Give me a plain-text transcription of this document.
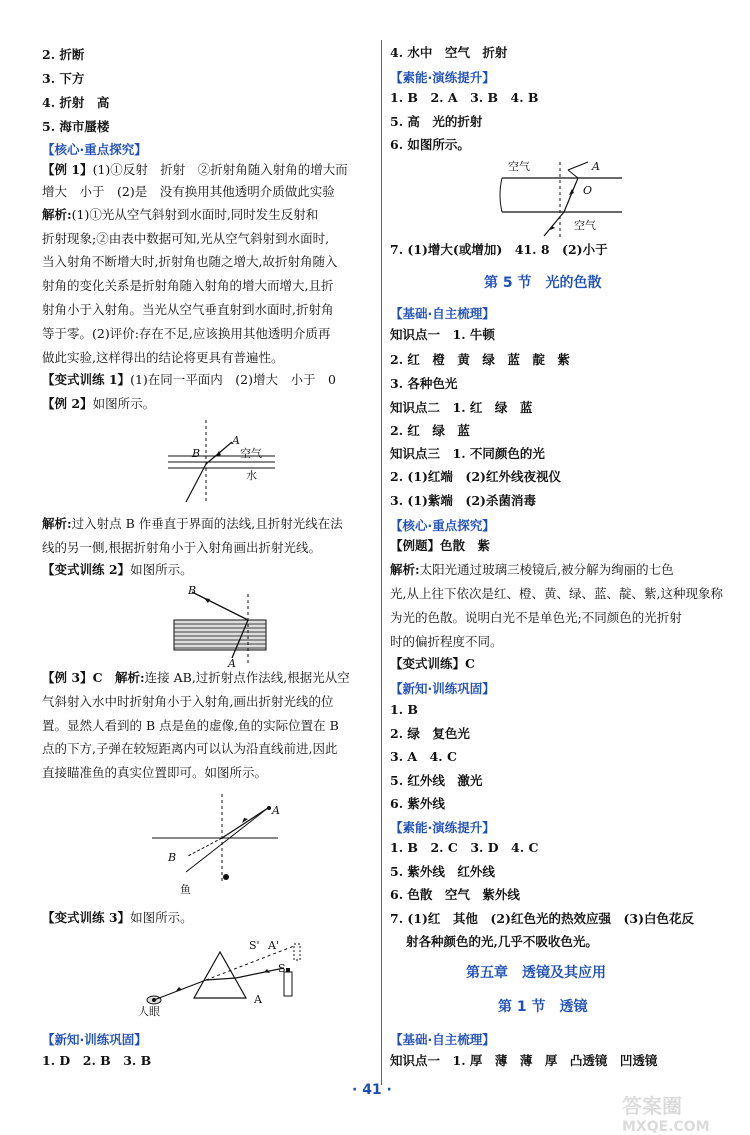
2. 折断
3. 下方
4. 折射　高
5. 海市蜃楼
【核心·重点探究】
【例 1】(1)①反射　折射　②折射角随入射角的增大而
增大　小于　(2)是　没有换用其他透明介质做此实验
解析:(1)①光从空气斜射到水面时,同时发生反射和
折射现象;②由表中数据可知,光从空气斜射到水面时,
当入射角不断增大时,折射角也随之增大,故折射角随入
射角的变化关系是折射角随入射角的增大而增大,且折
射角小于入射角。当光从空气垂直射到水面时,折射角
等于零。(2)评价:存在不足,应该换用其他透明介质再
做此实验,这样得出的结论将更具有普遍性。
【变式训练 1】(1)在同一平面内　(2)增大　小于　0
【例 2】如图所示。
A
B	空气
水
解析:过入射点 B 作垂直于界面的法线,且折射光线在法
线的另一侧,根据折射角小于入射角画出折射光线。
【变式训练 2】如图所示。
B
A
【例 3】C　解析:连接 AB,过折射点作法线,根据光从空
气斜射入水中时折射角小于入射角,画出折射光线的位
置。显然人看到的 B 点是鱼的虚像,鱼的实际位置在 B
点的下方,子弹在较短距离内可以认为沿直线前进,因此
直接瞄准鱼的真实位置即可。如图所示。
A
B
鱼
【变式训练 3】如图所示。
S' A'
S
A
人眼
【新知·训练巩固】
1. D　2. B　3. B
4. 水中　空气　折射
【素能·演练提升】
1. B　2. A　3. B　4. B
5. 高　光的折射
6. 如图所示。
空气	A
O
空气
7. (1)增大(或增加)　41. 8　(2)小于
第 5 节　光的色散
【基础·自主梳理】
知识点一　1. 牛顿
2. 红　橙　黄　绿　蓝　靛　紫
3. 各种色光
知识点二　1. 红　绿　蓝
2. 红　绿　蓝
知识点三　1. 不同颜色的光
2. (1)红端　(2)红外线夜视仪
3. (1)紫端　(2)杀菌消毒
【核心·重点探究】
【例题】色散　紫
解析:太阳光通过玻璃三棱镜后,被分解为绚丽的七色
光,从上往下依次是红、橙、黄、绿、蓝、靛、紫,这种现象称
为光的色散。说明白光不是单色光;不同颜色的光折射
时的偏折程度不同。
【变式训练】C
【新知·训练巩固】
1. B
2. 绿　复色光
3. A　4. C
5. 红外线　激光
6. 紫外线
【素能·演练提升】
1. B　2. C　3. D　4. C
5. 紫外线　红外线
6. 色散　空气　紫外线
7. (1)红　其他　(2)红色光的热效应强　(3)白色花反
射各种颜色的光,几乎不吸收色光。
第五章　透镜及其应用
第 1 节　透镜
【基础·自主梳理】
知识点一　1. 厚　薄　薄　厚　凸透镜　凹透镜
· 41 ·
答案圈
MXQE.COM
